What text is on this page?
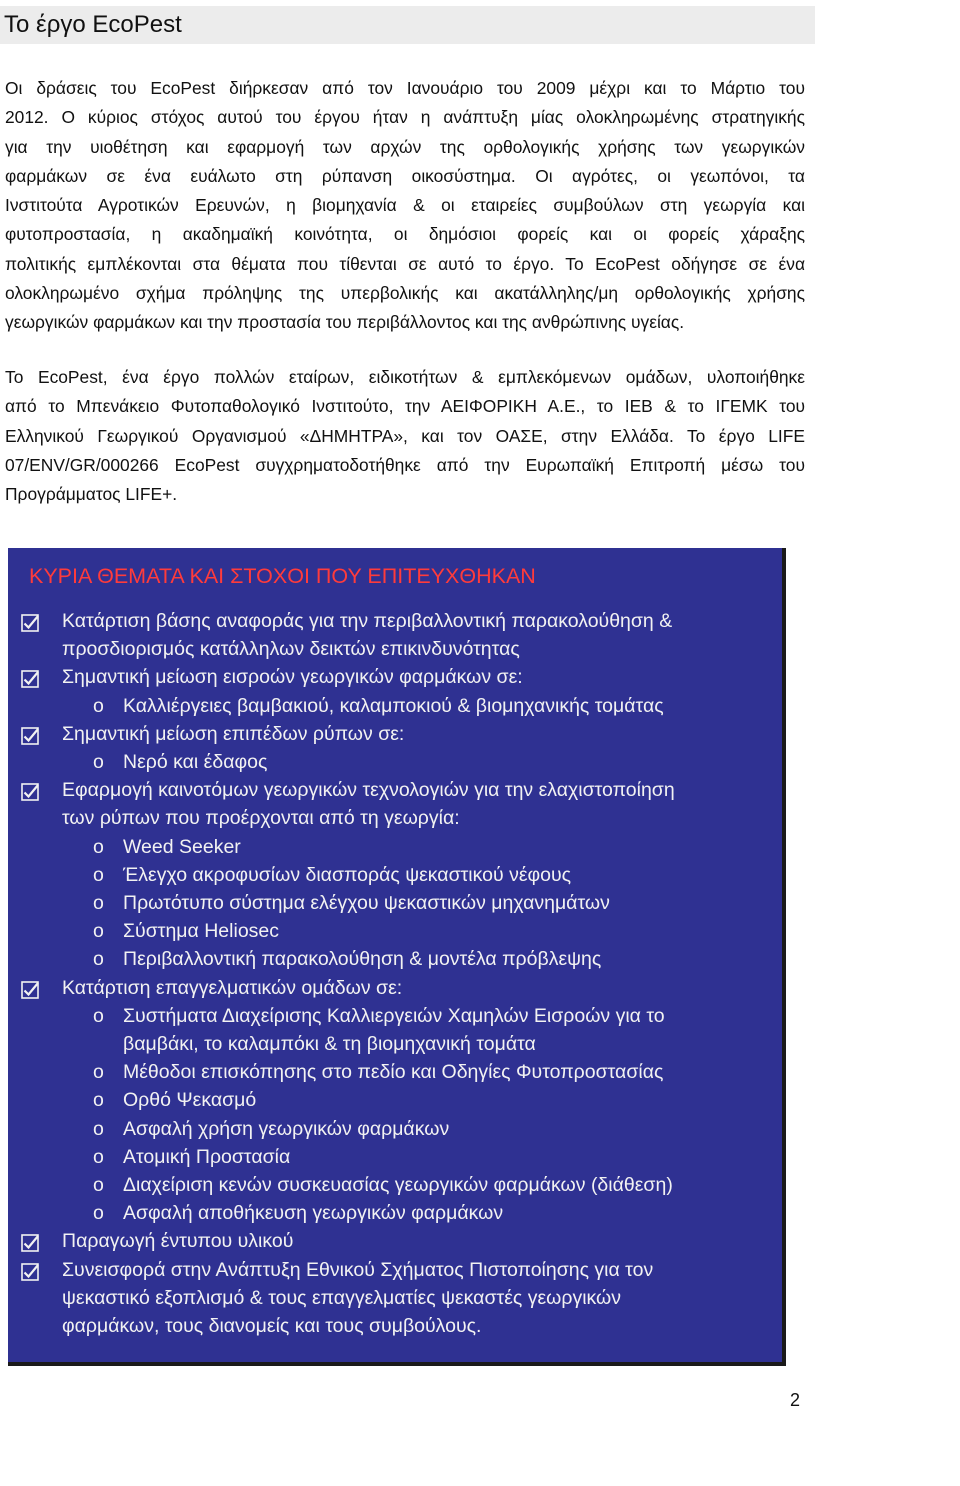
Το έργο EcoPest

Οι δράσεις του EcoPest διήρκεσαν από τον Ιανουάριο του 2009 μέχρι και το Μάρτιο του
2012. Ο κύριος στόχος αυτού του έργου ήταν η ανάπτυξη μίας ολοκληρωμένης στρατηγικής
για την υιοθέτηση και εφαρμογή των αρχών της ορθολογικής χρήσης των γεωργικών
φαρμάκων σε ένα ευάλωτο στη ρύπανση οικοσύστημα. Οι αγρότες, οι γεωπόνοι, τα
Ινστιτούτα Αγροτικών Ερευνών, η βιομηχανία & οι εταιρείες συμβούλων στη γεωργία και
φυτοπροστασία, η ακαδημαϊκή κοινότητα, οι δημόσιοι φορείς και οι φορείς χάραξης
πολιτικής εμπλέκονται στα θέματα που τίθενται σε αυτό το έργο. Το EcoPest οδήγησε σε ένα
ολοκληρωμένο σχήμα πρόληψης της υπερβολικής και ακατάλληλης/μη ορθολογικής χρήσης
γεωργικών φαρμάκων και την προστασία του περιβάλλοντος και της ανθρώπινης υγείας.

Το EcoPest, ένα έργο πολλών εταίρων, ειδικοτήτων & εμπλεκόμενων ομάδων, υλοποιήθηκε
από το Μπενάκειο Φυτοπαθολογικό Ινστιτούτο, την ΑΕΙΦΟΡΙΚΗ Α.Ε., το ΙΕΒ & το ΙΓΕΜΚ του
Ελληνικού Γεωργικού Οργανισμού «ΔΗΜΗΤΡΑ», και τον ΟΑΣΕ, στην Ελλάδα. Το έργο LIFE
07/ENV/GR/000266 EcoPest συγχρηματοδοτήθηκε από την Ευρωπαϊκή Επιτροπή μέσω του
Προγράμματος LIFE+.

ΚΥΡΙΑ ΘΕΜΑΤΑ ΚΑΙ ΣΤΟΧΟΙ ΠΟΥ ΕΠΙΤΕΥΧΘΗΚΑΝ
Κατάρτιση βάσης αναφοράς για την περιβαλλοντική παρακολούθηση &
προσδιορισμός κατάλληλων δεικτών επικινδυνότητας
Σημαντική μείωση εισροών γεωργικών φαρμάκων σε:
Καλλιέργειες βαμβακιού, καλαμποκιού & βιομηχανικής τομάτας
o
Σημαντική μείωση επιπέδων ρύπων σε:
Νερό και έδαφος
o
Εφαρμογή καινοτόμων γεωργικών τεχνολογιών για την ελαχιστοποίηση
των ρύπων που προέρχονται από τη γεωργία:
Weed Seeker
o
Έλεγχο ακροφυσίων διασποράς ψεκαστικού νέφους
o
Πρωτότυπο σύστημα ελέγχου ψεκαστικών μηχανημάτων
o
Σύστημα Heliosec
o
Περιβαλλοντική παρακολούθηση & μοντέλα πρόβλεψης
o
Κατάρτιση επαγγελματικών ομάδων σε:
Συστήματα Διαχείρισης Καλλιεργειών Χαμηλών Εισροών για το
o
βαμβάκι, το καλαμπόκι & τη βιομηχανική τομάτα
Μέθοδοι επισκόπησης στο πεδίο και Οδηγίες Φυτοπροστασίας
o
Ορθό Ψεκασμό
o
Ασφαλή χρήση γεωργικών φαρμάκων
o
Ατομική Προστασία
o
Διαχείριση κενών συσκευασίας γεωργικών φαρμάκων (διάθεση)
o
Ασφαλή αποθήκευση γεωργικών φαρμάκων
o
Παραγωγή έντυπου υλικού
Συνεισφορά στην Ανάπτυξη Εθνικού Σχήματος Πιστοποίησης για τον
ψεκαστικό εξοπλισμό & τους επαγγελματίες ψεκαστές γεωργικών
φαρμάκων, τους διανομείς και τους συμβούλους.
2
